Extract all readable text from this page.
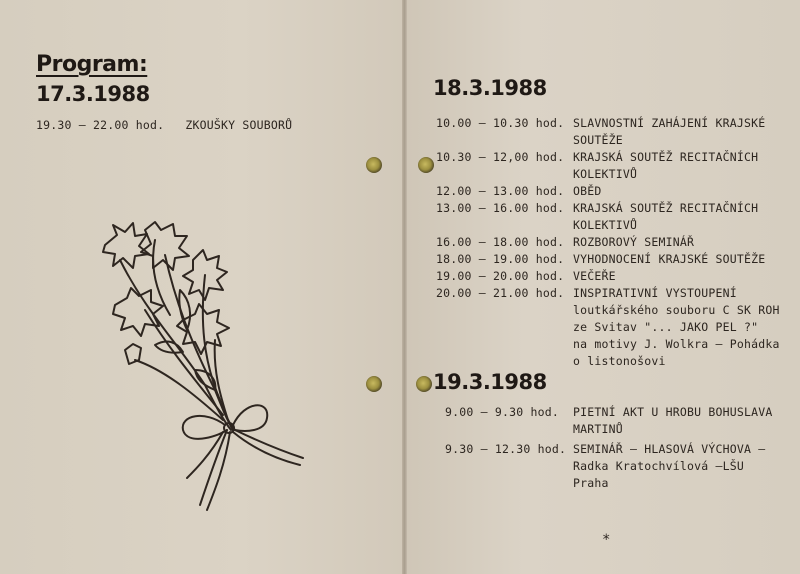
Program:
17.3.1988
19.30 – 22.00 hod. ZKOUŠKY SOUBORŮ
18.3.1988
10.00 – 10.30 hod. SLAVNOSTNÍ ZAHÁJENÍ KRAJSKÉ
SOUTĚŽE
10.30 – 12,00 hod. KRAJSKÁ SOUTĚŽ RECITAČNÍCH
KOLEKTIVŮ
12.00 – 13.00 hod. OBĚD
13.00 – 16.00 hod. KRAJSKÁ SOUTĚŽ RECITAČNÍCH
KOLEKTIVŮ
16.00 – 18.00 hod. ROZBOROVÝ SEMINÁŘ
18.00 – 19.00 hod. VYHODNOCENÍ KRAJSKÉ SOUTĚŽE
19.00 – 20.00 hod. VEČEŘE
20.00 – 21.00 hod. INSPIRATIVNÍ VYSTOUPENÍ
loutkářského souboru C SK ROH
ze Svitav "... JAKO PEL ?"
na motivy J. Wolkra – Pohádka
o listonošovi
19.3.1988
9.00 – 9.30 hod. PIETNÍ AKT U HROBU BOHUSLAVA
MARTINŮ
9.30 – 12.30 hod. SEMINÁŘ – HLASOVÁ VÝCHOVA –
Radka Kratochvílová –LŠU
Praha
*
